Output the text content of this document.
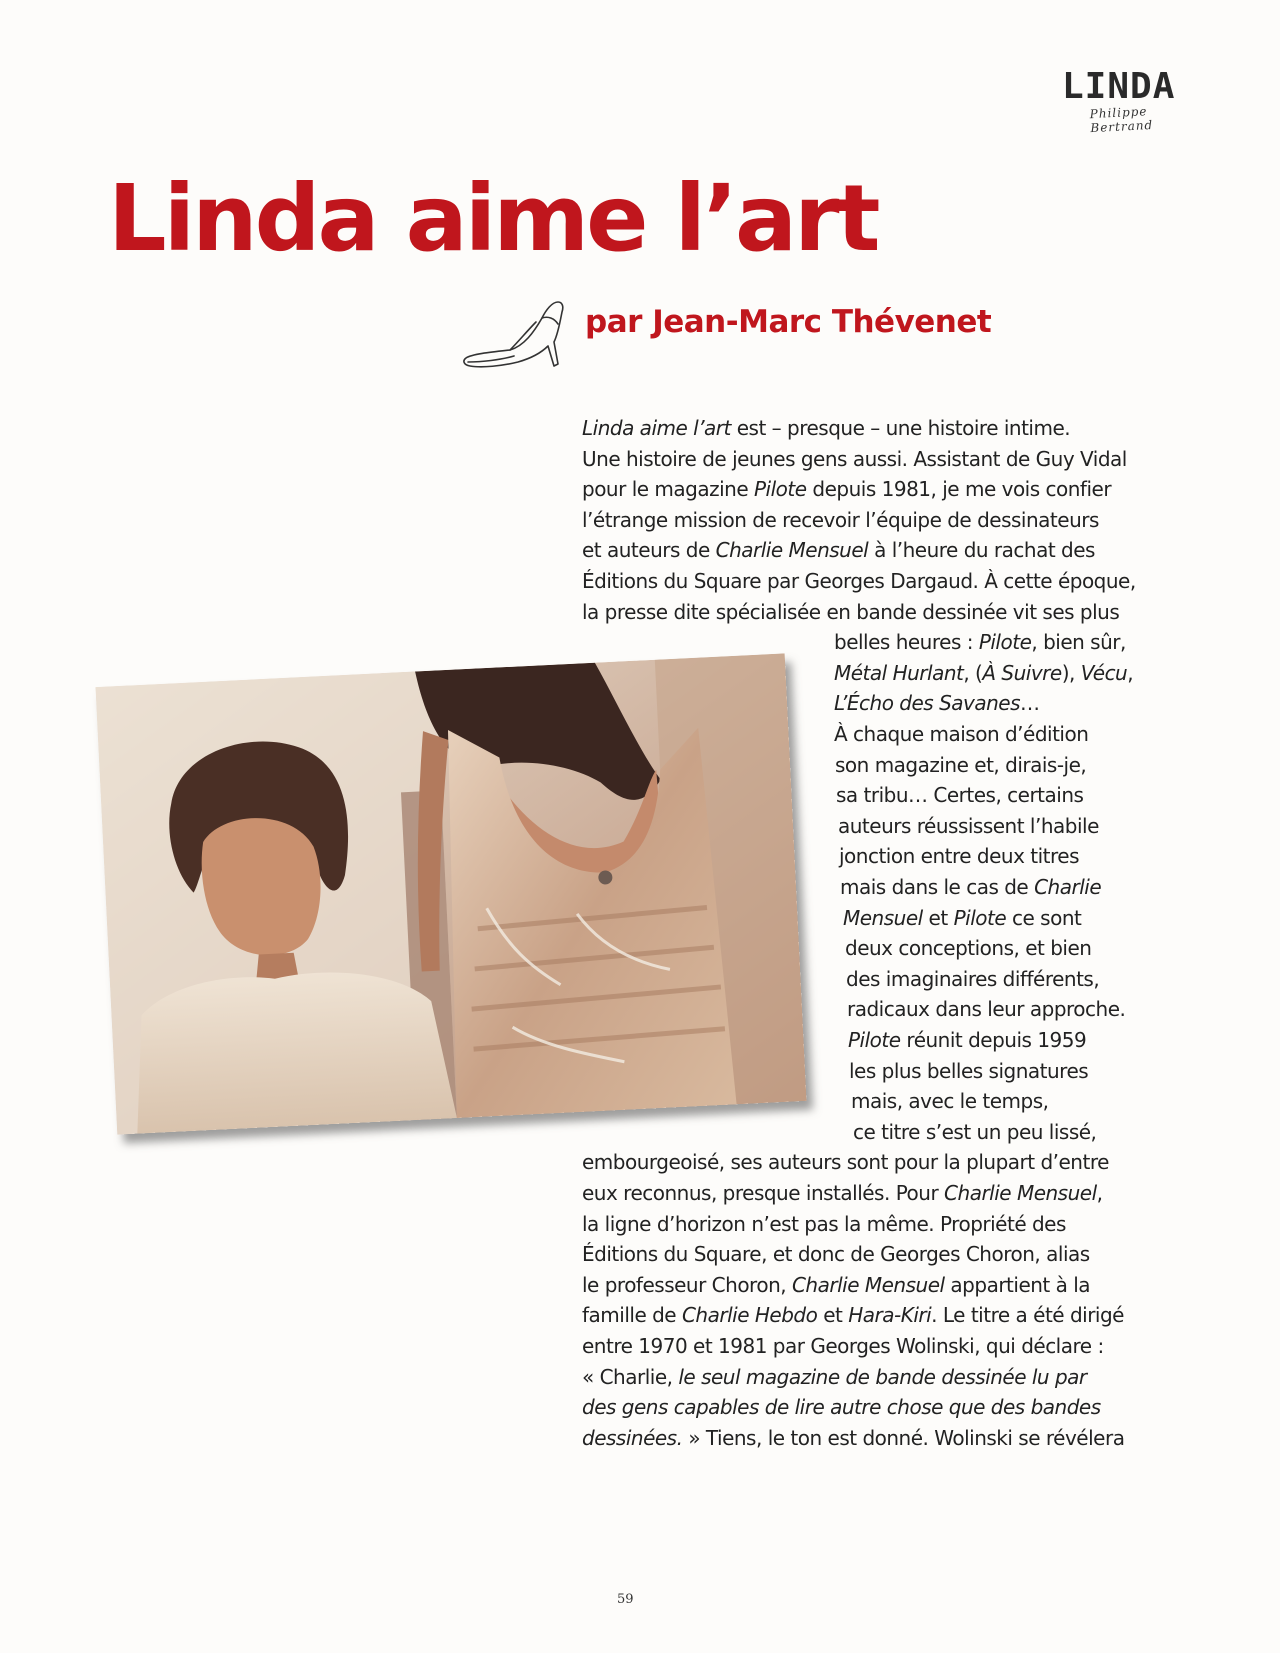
LINDA
Philippe Bertrand
Linda aime l’art
par Jean-Marc Thévenet
Linda aime l’art est – presque – une histoire intime.
Une histoire de jeunes gens aussi. Assistant de Guy Vidal
pour le magazine Pilote depuis 1981, je me vois confier
l’étrange mission de recevoir l’équipe de dessinateurs
et auteurs de Charlie Mensuel à l’heure du rachat des
Éditions du Square par Georges Dargaud. À cette époque,
la presse dite spécialisée en bande dessinée vit ses plus
belles heures : Pilote, bien sûr,
Métal Hurlant, (À Suivre), Vécu,
L’Écho des Savanes…
À chaque maison d’édition
son magazine et, dirais-je,
sa tribu… Certes, certains
auteurs réussissent l’habile
jonction entre deux titres
mais dans le cas de Charlie
Mensuel et Pilote ce sont
deux conceptions, et bien
des imaginaires différents,
radicaux dans leur approche.
Pilote réunit depuis 1959
les plus belles signatures
mais, avec le temps,
ce titre s’est un peu lissé,
embourgeoisé, ses auteurs sont pour la plupart d’entre
eux reconnus, presque installés. Pour Charlie Mensuel,
la ligne d’horizon n’est pas la même. Propriété des
Éditions du Square, et donc de Georges Choron, alias
le professeur Choron, Charlie Mensuel appartient à la
famille de Charlie Hebdo et Hara-Kiri. Le titre a été dirigé
entre 1970 et 1981 par Georges Wolinski, qui déclare :
« Charlie, le seul magazine de bande dessinée lu par
des gens capables de lire autre chose que des bandes
dessinées. » Tiens, le ton est donné. Wolinski se révélera
59
